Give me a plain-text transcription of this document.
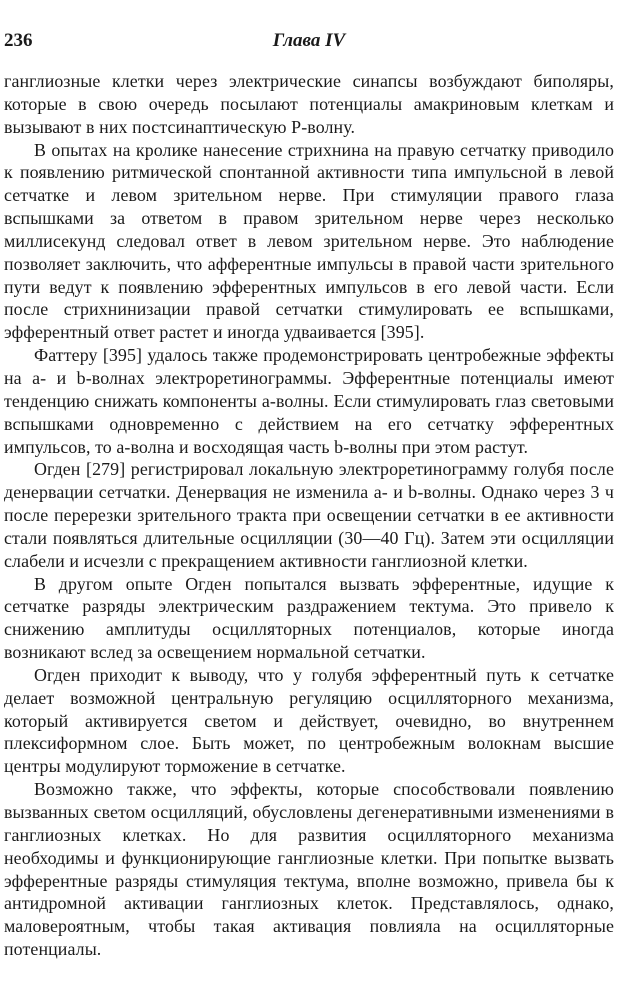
236	Глава IV

ганглиозные клетки через электрические синапсы возбуждают биполяры, которые в свою очередь посылают потенциалы амакриновым клеткам и вызывают в них постсинаптическую Р-волну.

В опытах на кролике нанесение стрихнина на правую сетчатку приводило к появлению ритмической спонтанной активности типа импульсной в левой сетчатке и левом зрительном нерве. При стимуляции правого глаза вспышками за ответом в правом зрительном нерве через несколько миллисекунд следовал ответ в левом зрительном нерве. Это наблюдение позволяет заключить, что афферентные импульсы в правой части зрительного пути ведут к появлению эфферентных импульсов в его левой части. Если после стрихнинизации правой сетчатки стимулировать ее вспышками, эфферентный ответ растет и иногда удваивается [395].

Фаттеру [395] удалось также продемонстрировать центробежные эффекты на а- и b-волнах электроретинограммы. Эфферентные потенциалы имеют тенденцию снижать компоненты а-волны. Если стимулировать глаз световыми вспышками одновременно с действием на его сетчатку эфферентных импульсов, то а-волна и восходящая часть b-волны при этом растут.

Огден [279] регистрировал локальную электроретинограмму голубя после денервации сетчатки. Денервация не изменила а- и b-волны. Однако через 3 ч после перерезки зрительного тракта при освещении сетчатки в ее активности стали появляться длительные осцилляции (30—40 Гц). Затем эти осцилляции слабели и исчезли с прекращением активности ганглиозной клетки.

В другом опыте Огден попытался вызвать эфферентные, идущие к сетчатке разряды электрическим раздражением тектума. Это привело к снижению амплитуды осцилляторных потенциалов, которые иногда возникают вслед за освещением нормальной сетчатки.

Огден приходит к выводу, что у голубя эфферентный путь к сетчатке делает возможной центральную регуляцию осцилляторного механизма, который активируется светом и действует, очевидно, во внутреннем плексиформном слое. Быть может, по центробежным волокнам высшие центры модулируют торможение в сетчатке.

Возможно также, что эффекты, которые способствовали появлению вызванных светом осцилляций, обусловлены дегенеративными изменениями в ганглиозных клетках. Но для развития осцилляторного механизма необходимы и функционирующие ганглиозные клетки. При попытке вызвать эфферентные разряды стимуляция тектума, вполне возможно, привела бы к антидромной активации ганглиозных клеток. Представлялось, однако, маловероятным, чтобы такая активация повлияла на осцилляторные потенциалы.
